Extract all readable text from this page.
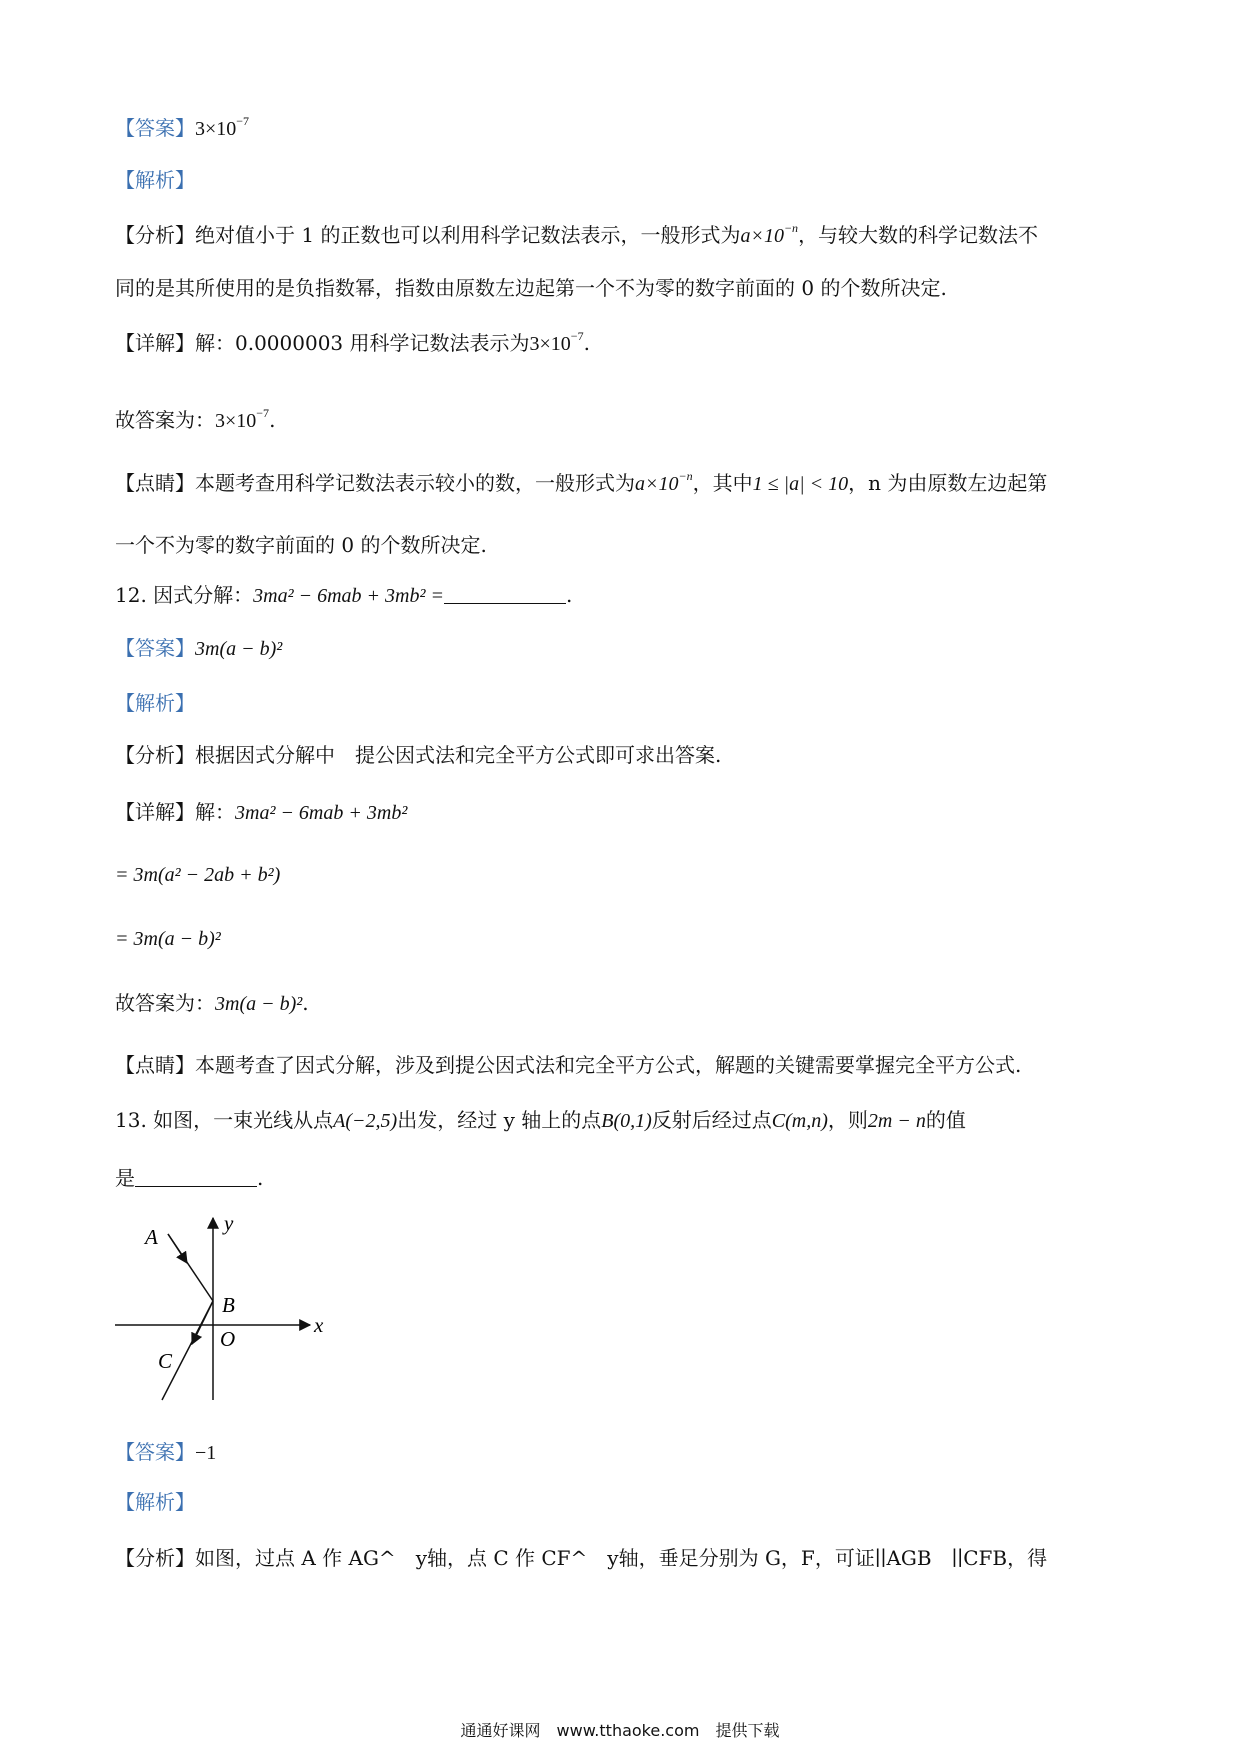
【答案】$3\times 10^{-7}$
【解析】
【分析】绝对值小于 1 的正数也可以利用科学记数法表示，一般形式为$a\times 10^{-n}$，与较大数的科学记数法不
同的是其所使用的是负指数幂，指数由原数左边起第一个不为零的数字前面的 0 的个数所决定.
【详解】解：0.0000003 用科学记数法表示为$3\times 10^{-7}$.
故答案为：$3\times 10^{-7}$.
【点睛】本题考查用科学记数法表示较小的数，一般形式为$a\times 10^{-n}$，其中1 ≤ |a| < 10，n 为由原数左边起第
一个不为零的数字前面的 0 的个数所决定.
12. 因式分解：3ma² − 6mab + 3mb² =	.
【答案】3m(a − b)²
【解析】
【分析】根据因式分解中　提公因式法和完全平方公式即可求出答案.
【详解】解：3ma² − 6mab + 3mb²
= 3m(a² − 2ab + b²)
= 3m(a − b)²
故答案为：3m(a − b)².
【点睛】本题考查了因式分解，涉及到提公因式法和完全平方公式，解题的关键需要掌握完全平方公式.
13. 如图，一束光线从点A(−2,5)出发，经过 y 轴上的点B(0,1)反射后经过点C(m,n)，则2m − n的值
是	.
A
y
B
O
x
C
【答案】−1
【解析】
【分析】如图，过点 A 作 AG^　y轴，点 C 作 CF^　y轴，垂足分别为 G，F，可证∣∣AGB　∣∣CFB，得
通通好课网　www.tthaoke.com　提供下载
